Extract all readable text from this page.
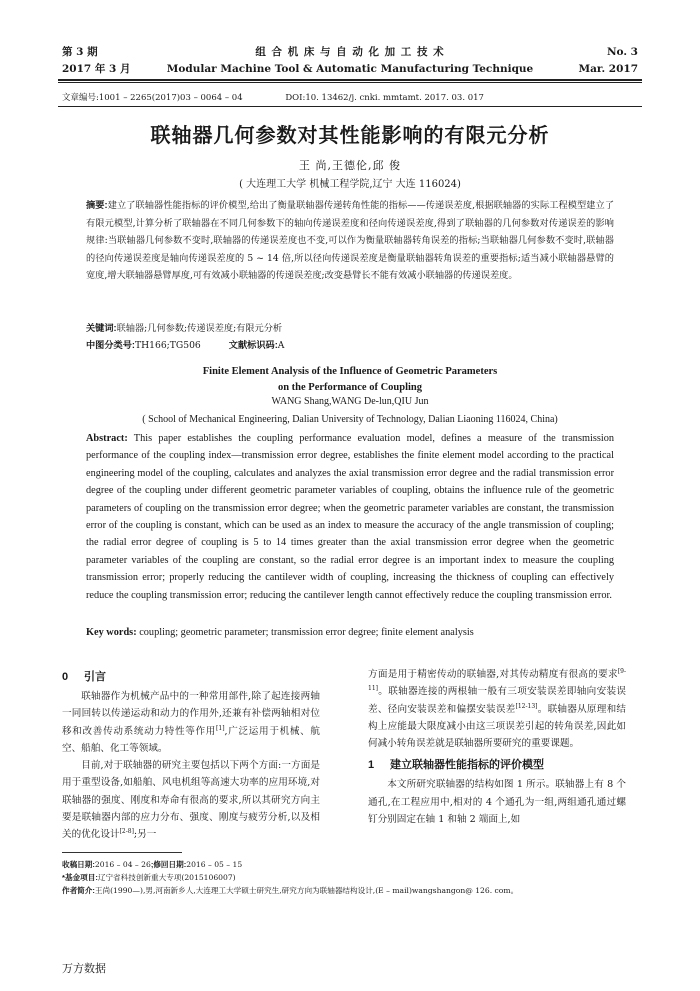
第 3 期
2017 年 3 月
组 合 机 床 与 自 动 化 加 工 技 术
Modular Machine Tool & Automatic Manufacturing Technique
No. 3
Mar. 2017
文章编号:1001 – 2265(2017)03 – 0064 – 04	DOI:10. 13462/j. cnki. mmtamt. 2017. 03. 017
联轴器几何参数对其性能影响的有限元分析
王 尚,王德伦,邱 俊
( 大连理工大学 机械工程学院,辽宁 大连 116024)
摘要:建立了联轴器性能指标的评价模型,给出了衡量联轴器传递转角性能的指标——传递误差度,根据联轴器的实际工程模型建立了有限元模型,计算分析了联轴器在不同几何参数下的轴向传递误差度和径向传递误差度,得到了联轴器的几何参数对传递误差的影响规律:当联轴器几何参数不变时,联轴器的传递误差度也不变,可以作为衡量联轴器转角误差的指标;当联轴器几何参数不变时,联轴器的径向传递误差度是轴向传递误差度的 5 ~ 14 倍,所以径向传递误差度是衡量联轴器转角误差的重要指标;适当减小联轴器悬臂的宽度,增大联轴器悬臂厚度,可有效减小联轴器的传递误差度;改变悬臂长不能有效减小联轴器的传递误差度。
关键词:联轴器;几何参数;传递误差度;有限元分析
中图分类号:TH166;TG506	文献标识码:A
Finite Element Analysis of the Influence of Geometric Parameters
on the Performance of Coupling
WANG Shang,WANG De-lun,QIU Jun
( School of Mechanical Engineering, Dalian University of Technology, Dalian Liaoning 116024, China)
Abstract: This paper establishes the coupling performance evaluation model, defines a measure of the transmission performance of the coupling index—transmission error degree, establishes the finite element model according to the practical engineering model of the coupling, calculates and analyzes the axial transmission error degree and the radial transmission error degree of the coupling under different geometric parameter variables of coupling, obtains the influence rule of the geometric parameters of coupling on the transmission error degree; when the geometric parameter variables are constant, the transmission error of the coupling is constant, which can be used as an index to measure the accuracy of the angle transmission of coupling; the radial error degree of coupling is 5 to 14 times greater than the axial transmission error degree when the geometric parameter variables of the coupling are constant, so the radial error degree is an important index to measure the coupling transmission error; properly reducing the cantilever width of coupling, increasing the thickness of coupling can effectively reduce the coupling transmission error; reducing the cantilever length cannot effectively reduce the coupling transmission error.
Key words: coupling; geometric parameter; transmission error degree; finite element analysis
0 引言

联轴器作为机械产品中的一种常用部件,除了起连接两轴一同回转以传递运动和动力的作用外,还兼有补偿两轴相对位移和改善传动系统动力特性等作用[1],广泛运用于机械、航空、船舶、化工等领域。

目前,对于联轴器的研究主要包括以下两个方面:一方面是用于重型设备,如船舶、风电机组等高速大功率的应用环境,对联轴器的强度、刚度和寿命有很高的要求,所以其研究方向主要是联轴器内部的应力分布、强度、刚度与疲劳分析,以及相关的优化设计[2-8];另一

方面是用于精密传动的联轴器,对其传动精度有很高的要求[9-11]。联轴器连接的两根轴一般有三项安装误差即轴向安装误差、径向安装误差和偏摆安装误差[12-13]。联轴器从原理和结构上应能最大限度减小由这三项误差引起的转角误差,因此如何减小转角误差就是联轴器所要研究的重要课题。

1 建立联轴器性能指标的评价模型

本文所研究联轴器的结构如图 1 所示。联轴器上有 8 个通孔,在工程应用中,相对的 4 个通孔为一组,两组通孔通过螺钉分别固定在轴 1 和轴 2 端面上,如

收稿日期:2016 – 04 – 26;修回日期:2016 – 05 – 15
*基金项目:辽宁省科技创新重大专项(2015106007)
作者简介:王尚(1990—),男,河南新乡人,大连理工大学硕士研究生,研究方向为联轴器结构设计,(E – mail)wangshangon@ 126. com。
万方数据
